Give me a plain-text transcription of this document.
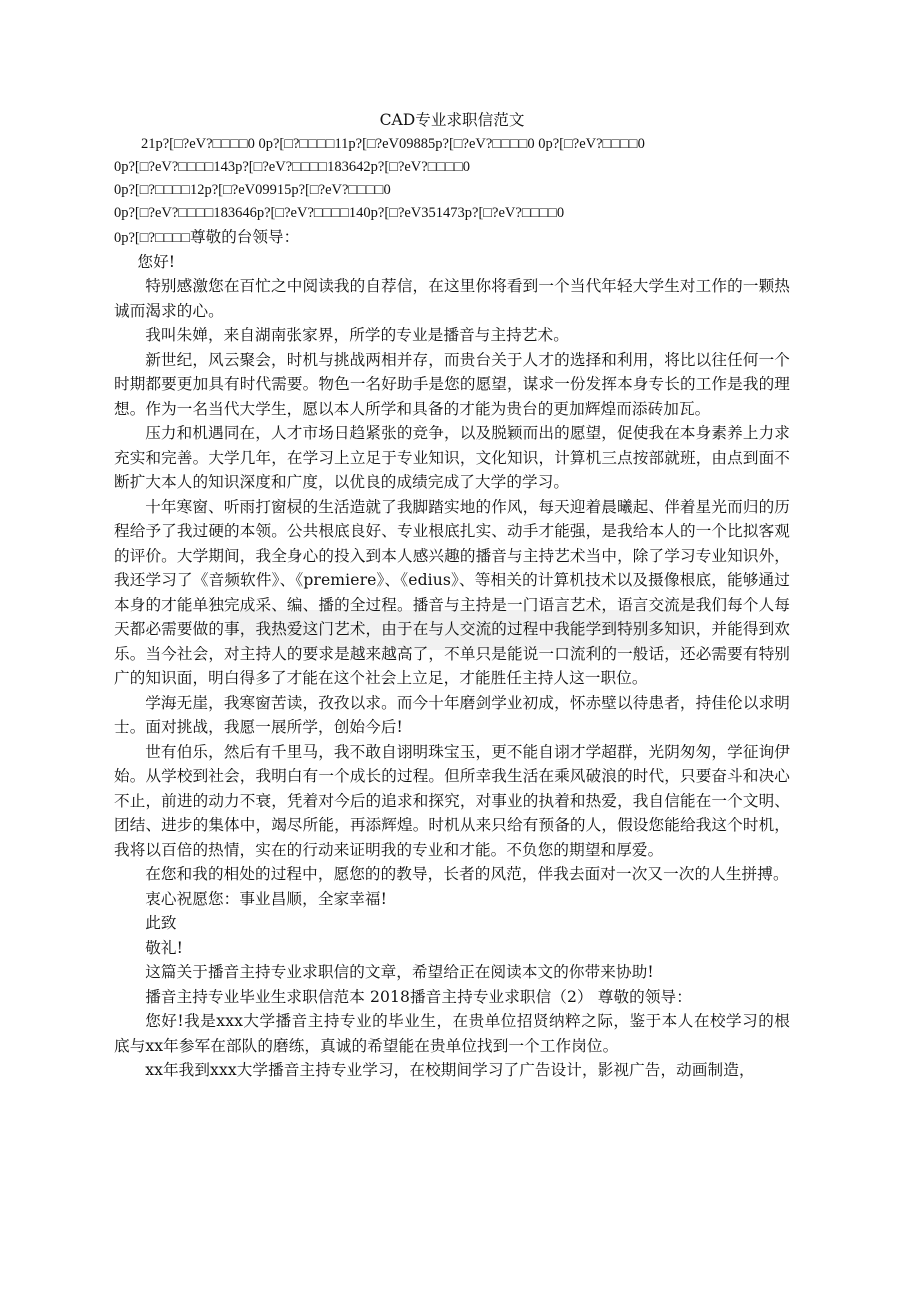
CAD专业求职信范文
21p?[□?eV?□□□□0 0p?[□?□□□□11p?[□?eV09885p?[□?eV?□□□□0 0p?[□?eV?□□□□0
0p?[□?eV?□□□□143p?[□?eV?□□□□183642p?[□?eV?□□□□0
0p?[□?□□□□12p?[□?eV09915p?[□?eV?□□□□0
0p?[□?eV?□□□□183646p?[□?eV?□□□□140p?[□?eV351473p?[□?eV?□□□□0
0p?[□?□□□□尊敬的台领导：

您好!

特别感激您在百忙之中阅读我的自荐信，在这里你将看到一个当代年轻大学生对工作的一颗热诚而渴求的心。

我叫朱婵，来自湖南张家界，所学的专业是播音与主持艺术。

新世纪，风云聚会，时机与挑战两相并存，而贵台关于人才的选择和利用，将比以往任何一个时期都要更加具有时代需要。物色一名好助手是您的愿望，谋求一份发挥本身专长的工作是我的理想。作为一名当代大学生，愿以本人所学和具备的才能为贵台的更加辉煌而添砖加瓦。

压力和机遇同在，人才市场日趋紧张的竞争，以及脱颖而出的愿望，促使我在本身素养上力求充实和完善。大学几年，在学习上立足于专业知识，文化知识，计算机三点按部就班，由点到面不断扩大本人的知识深度和广度，以优良的成绩完成了大学的学习。

十年寒窗、听雨打窗棂的生活造就了我脚踏实地的作风，每天迎着晨曦起、伴着星光而归的历程给予了我过硬的本领。公共根底良好、专业根底扎实、动手才能强，是我给本人的一个比拟客观的评价。大学期间，我全身心的投入到本人感兴趣的播音与主持艺术当中，除了学习专业知识外，我还学习了《音频软件》、《premiere》、《edius》、等相关的计算机技术以及摄像根底，能够通过本身的才能单独完成采、编、播的全过程。播音与主持是一门语言艺术，语言交流是我们每个人每天都必需要做的事，我热爱这门艺术，由于在与人交流的过程中我能学到特别多知识，并能得到欢乐。当今社会，对主持人的要求是越来越高了，不单只是能说一口流利的一般话，还必需要有特别广的知识面，明白得多了才能在这个社会上立足，才能胜任主持人这一职位。

学海无崖，我寒窗苦读，孜孜以求。而今十年磨剑学业初成，怀赤壁以待患者，持佳伦以求明士。面对挑战，我愿一展所学，创始今后!

世有伯乐，然后有千里马，我不敢自诩明珠宝玉，更不能自诩才学超群，光阴匆匆，学征询伊始。从学校到社会，我明白有一个成长的过程。但所幸我生活在乘风破浪的时代，只要奋斗和决心不止，前进的动力不衰，凭着对今后的追求和探究，对事业的执着和热爱，我自信能在一个文明、团结、进步的集体中，竭尽所能，再添辉煌。时机从来只给有预备的人，假设您能给我这个时机，我将以百倍的热情，实在的行动来证明我的专业和才能。不负您的期望和厚爱。

在您和我的相处的过程中，愿您的的教导，长者的风范，伴我去面对一次又一次的人生拼搏。

衷心祝愿您：事业昌顺，全家幸福!

此致

敬礼!

这篇关于播音主持专业求职信的文章，希望给正在阅读本文的你带来协助!

播音主持专业毕业生求职信范本 2018播音主持专业求职信（2） 尊敬的领导：

您好!我是xxx大学播音主持专业的毕业生，在贵单位招贤纳粹之际，鉴于本人在校学习的根底与xx年参军在部队的磨练，真诚的希望能在贵单位找到一个工作岗位。

xx年我到xxx大学播音主持专业学习，在校期间学习了广告设计，影视广告，动画制造，
